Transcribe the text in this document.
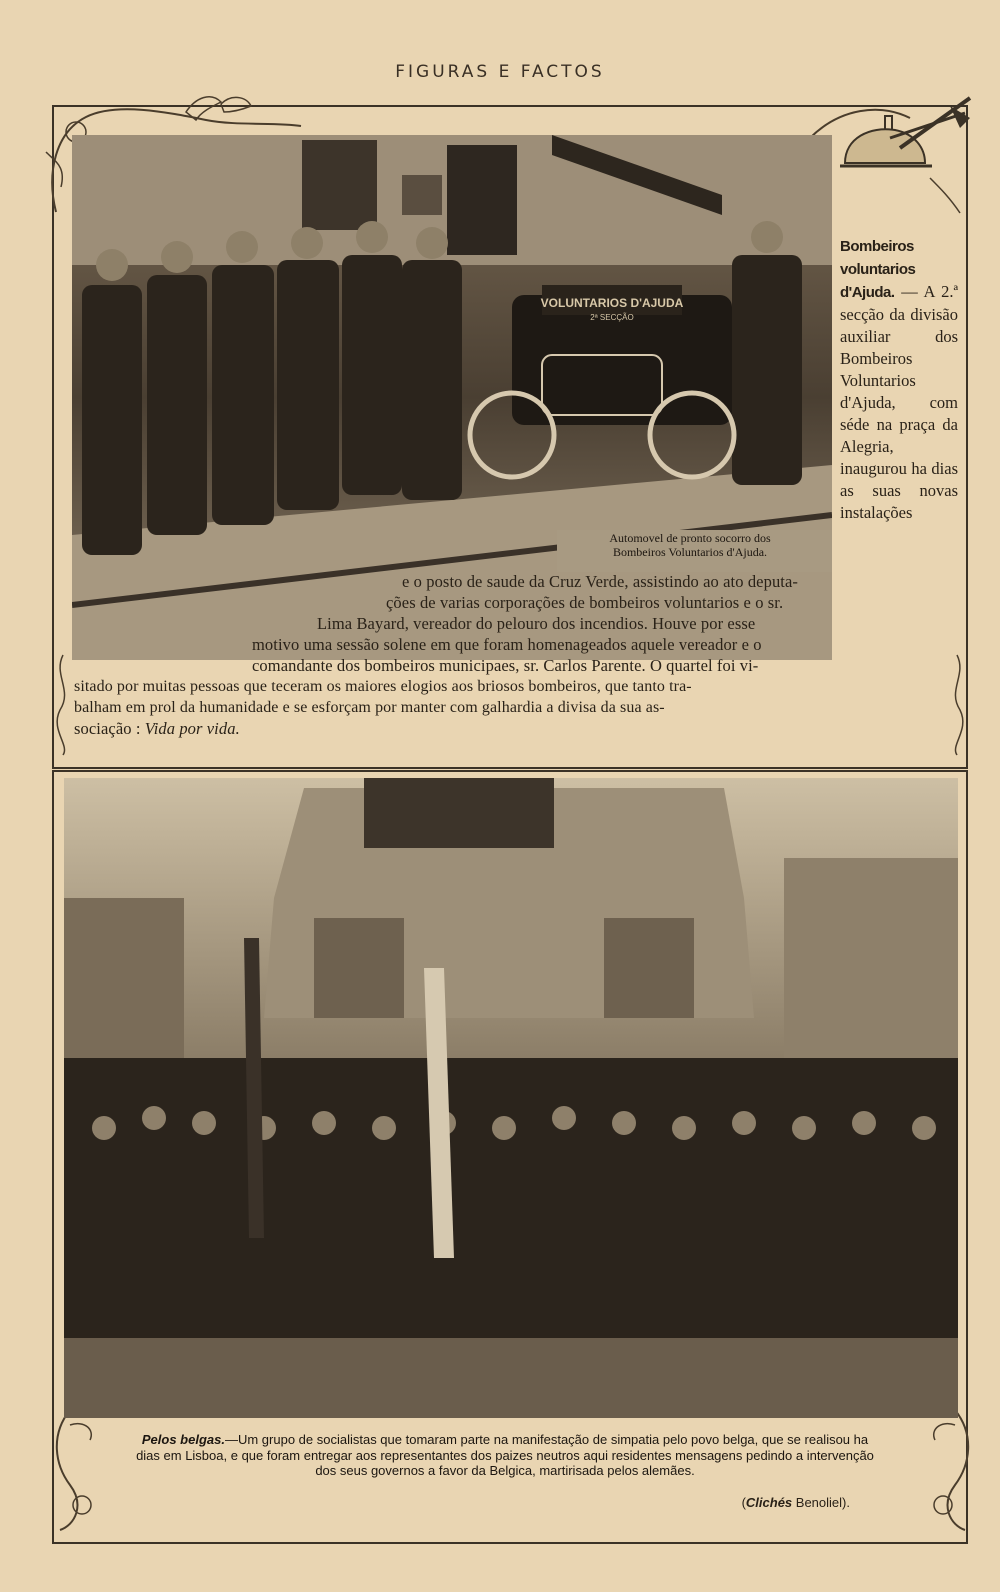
FIGURAS E FACTOS
VOLUNTARIOS D'AJUDA
2ª SECÇÃO
Automovel de pronto socorro dos
Bombeiros Voluntarios d'Ajuda.
Bombeiros voluntarios d'Ajuda. — A 2.ª secção da divisão auxiliar dos Bombeiros Voluntarios d'Ajuda, com séde na praça da Alegria, inaugurou ha dias as suas novas instalações
e o posto de saude da Cruz Verde, assistindo ao ato deputa-
ções de varias corporações de bombeiros voluntarios e o sr.
Lima Bayard, vereador do pelouro dos incendios. Houve por esse
motivo uma sessão solene em que foram homenageados aquele vereador e o
comandante dos bombeiros municipaes, sr. Carlos Parente. O quartel foi vi-
sitado por muitas pessoas que teceram os maiores elogios aos briosos bombeiros, que tanto tra-
balham em prol da humanidade e se esforçam por manter com galhardia a divisa da sua as-
sociação : Vida por vida.
Pelos belgas.—Um grupo de socialistas que tomaram parte na manifestação de simpatia pelo povo belga, que se realisou ha dias em Lisboa, e que foram entregar aos representantes dos paizes neutros aqui residentes mensagens pedindo a intervenção dos seus governos a favor da Belgica, martirisada pelos alemães.
(Clichés Benoliel).
